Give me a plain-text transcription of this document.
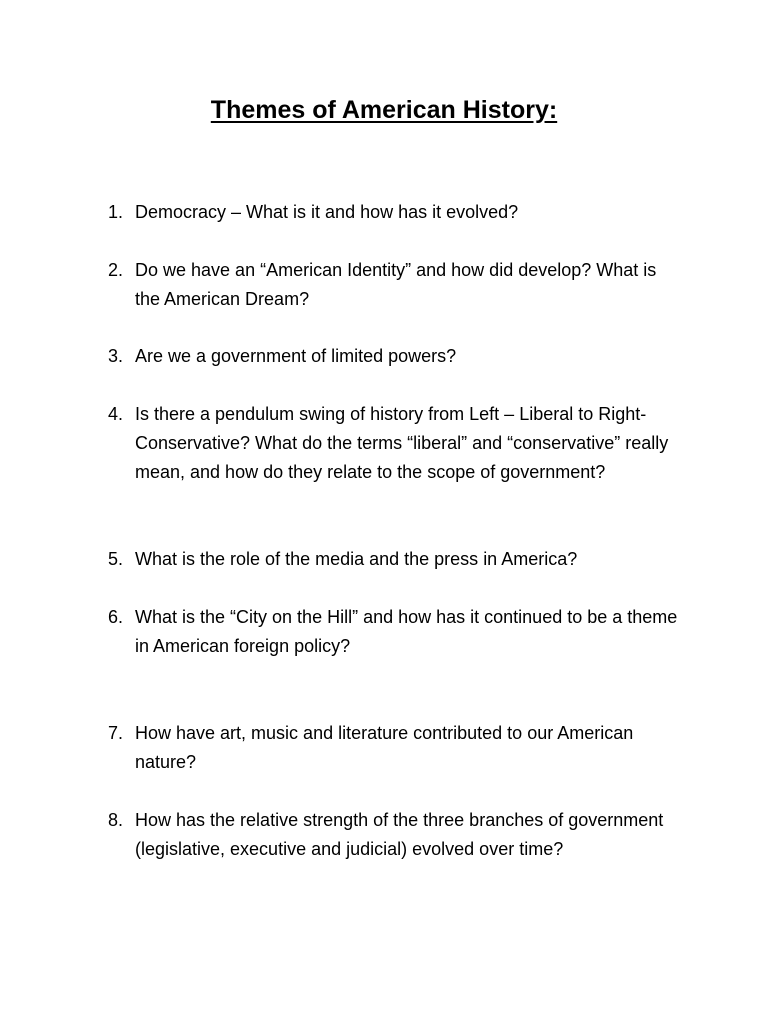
Themes of American History:
1. Democracy – What is it and how has it evolved?
2. Do we have an “American Identity” and how did develop? What is the American Dream?
3. Are we a government of limited powers?
4. Is there a pendulum swing of history from Left – Liberal to Right-Conservative? What do the terms “liberal” and “conservative” really mean, and how do they relate to the scope of government?
5. What is the role of the media and the press in America?
6. What is the “City on the Hill” and how has it continued to be a theme in American foreign policy?
7. How have art, music and literature contributed to our American nature?
8. How has the relative strength of the three branches of government (legislative, executive and judicial) evolved over time?
